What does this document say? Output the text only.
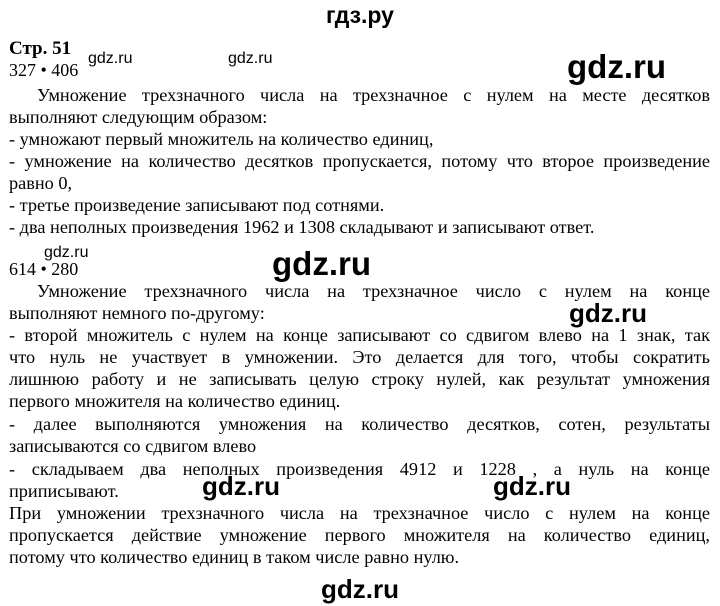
гдз.ру
Стр. 51
327 • 406
Умножение трехзначного числа на трехзначное с нулем на месте десятков
выполняют следующим образом:
- умножают первый множитель на количество единиц,
- умножение на количество десятков пропускается, потому что второе произведение
равно 0,
- третье произведение записывают под сотнями.
- два неполных произведения 1962 и 1308 складывают и записывают ответ.
614 • 280
Умножение трехзначного числа на трехзначное число с нулем на конце
выполняют немного по-другому:
- второй множитель с нулем на конце записывают со сдвигом влево на 1 знак, так
что нуль не участвует в умножении. Это делается для того, чтобы сократить
лишнюю работу и не записывать целую строку нулей, как результат умножения
первого множителя на количество единиц.
- далее выполняются умножения на количество десятков, сотен, результаты
записываются со сдвигом влево
- складываем два неполных произведения 4912 и 1228 , а нуль на конце
приписывают.
При умножении трехзначного числа на трехзначное число с нулем на конце
пропускается действие умножение первого множителя на количество единиц,
потому что количество единиц в таком числе равно нулю.
gdz.ru	gdz.ru	gdz.ru
gdz.ru	gdz.ru
gdz.ru
gdz.ru	gdz.ru
gdz.ru
